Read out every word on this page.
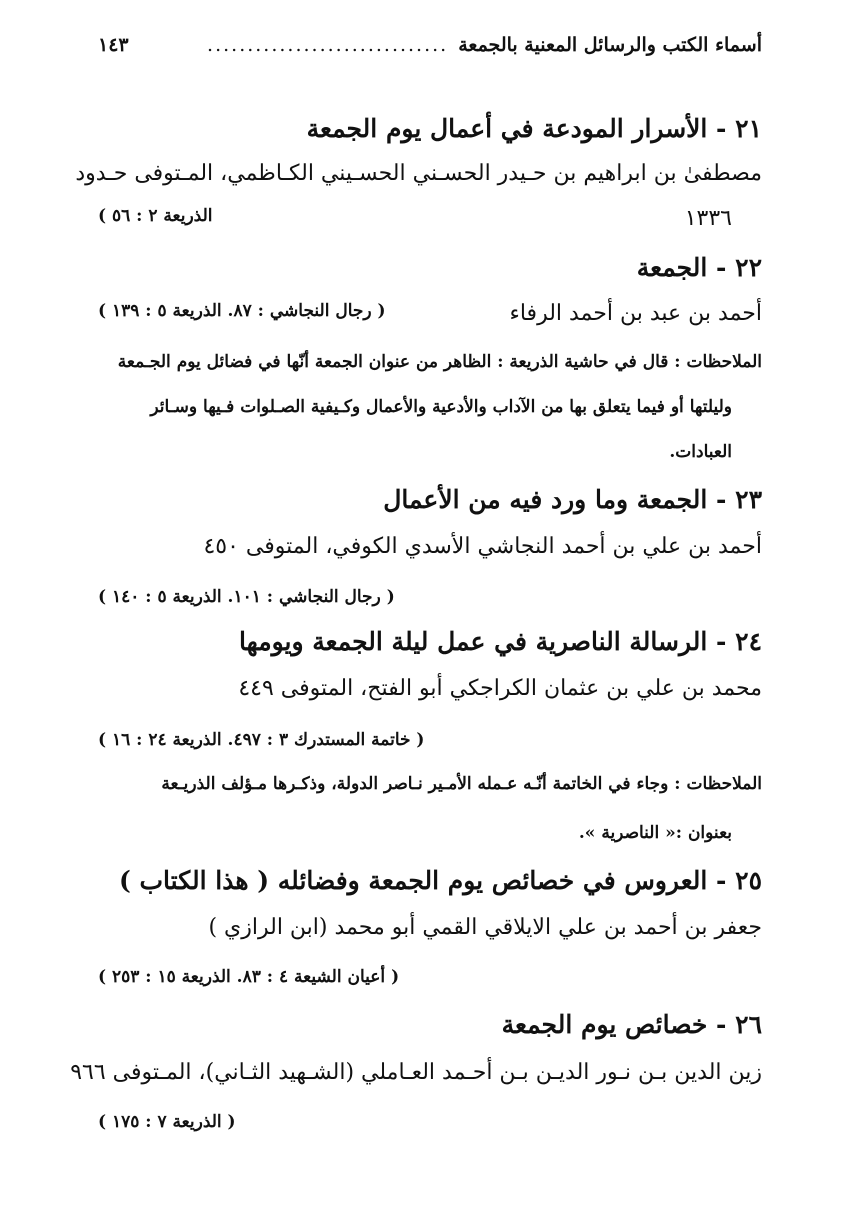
أسماء الكتب والرسائل المعنية بالجمعة
..............................
١٤٣
٢١ - الأسرار المودعة في أعمال يوم الجمعة
مصطفىٰ بن ابراهيم بن حـيدر الحسـني الحسـيني الكـاظمي، المـتوفى حـدود
١٣٣٦
الذريعة ٢ : ٥٦ )
٢٢ - الجمعة
أحمد بن عبد بن أحمد الرفاء
( رجال النجاشي : ٨٧. الذريعة ٥ : ١٣٩ )
الملاحظات : قال في حاشية الذريعة : الظاهر من عنوان الجمعة أنّها في فضائل يوم الجـمعة
وليلتها أو فيما يتعلق بها من الآداب والأدعية والأعمال وكـيفية الصـلوات فـيها وسـائر
العبادات.
٢٣ - الجمعة وما ورد فيه من الأعمال
أحمد بن علي بن أحمد النجاشي الأسدي الكوفي، المتوفى ٤٥٠
( رجال النجاشي : ١٠١. الذريعة ٥ : ١٤٠ )
٢٤ - الرسالة الناصرية في عمل ليلة الجمعة ويومها
محمد بن علي بن عثمان الكراجكي أبو الفتح، المتوفى ٤٤٩
( خاتمة المستدرك ٣ : ٤٩٧. الذريعة ٢٤ : ١٦ )
الملاحظات : وجاء في الخاتمة أنّـه عـمله الأمـير نـاصر الدولة، وذكـرها مـؤلف الذريـعة
بعنوان :« الناصرية ».
٢٥ - العروس في خصائص يوم الجمعة وفضائله ( هذا الكتاب )
جعفر بن أحمد بن علي الايلاقي القمي أبو محمد (ابن الرازي )
( أعيان الشيعة ٤ : ٨٣. الذريعة ١٥ : ٢٥٣ )
٢٦ - خصائص يوم الجمعة
زين الدين بـن نـور الديـن بـن أحـمد العـاملي (الشـهيد الثـاني)، المـتوفى ٩٦٦
( الذريعة ٧ : ١٧٥ )
